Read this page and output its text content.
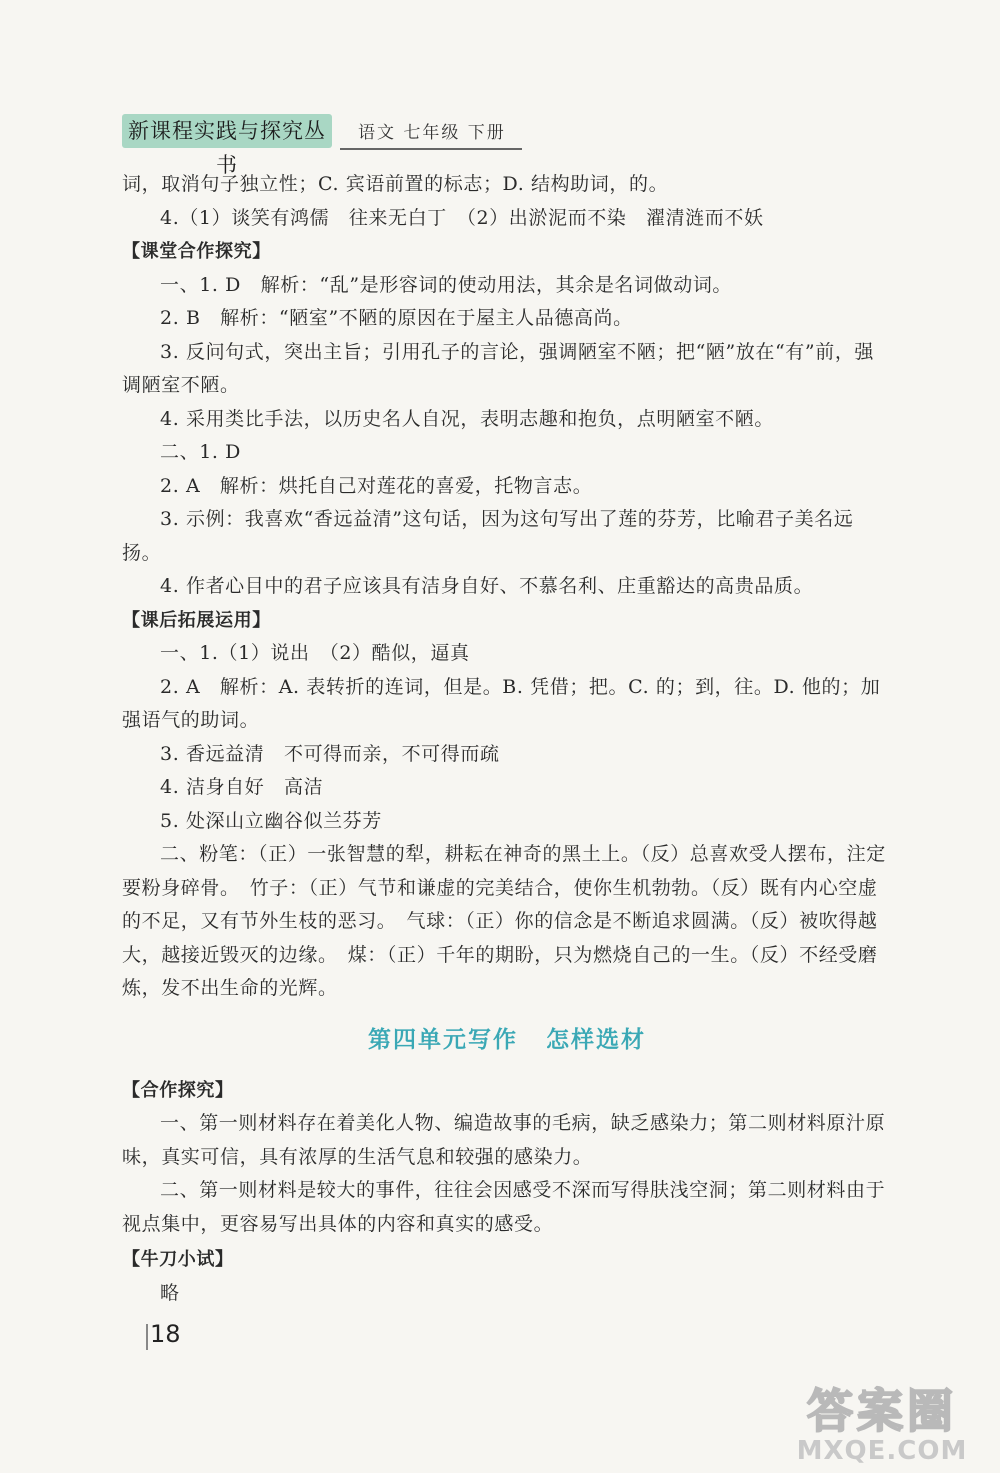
新课程实践与探究丛书
语文 七年级 下册

词，取消句子独立性；C. 宾语前置的标志；D. 结构助词，的。

4.（1）谈笑有鸿儒　往来无白丁　（2）出淤泥而不染　濯清涟而不妖

【课堂合作探究】

一、1. D　解析：“乱”是形容词的使动用法，其余是名词做动词。

2. B　解析：“陋室”不陋的原因在于屋主人品德高尚。

3. 反问句式，突出主旨；引用孔子的言论，强调陋室不陋；把“陋”放在“有”前，强调陋室不陋。

4. 采用类比手法，以历史名人自况，表明志趣和抱负，点明陋室不陋。

二、1. D

2. A　解析：烘托自己对莲花的喜爱，托物言志。

3. 示例：我喜欢“香远益清”这句话，因为这句写出了莲的芬芳，比喻君子美名远扬。

4. 作者心目中的君子应该具有洁身自好、不慕名利、庄重豁达的高贵品质。

【课后拓展运用】

一、1.（1）说出　（2）酷似，逼真

2. A　解析：A. 表转折的连词，但是。B. 凭借；把。C. 的；到，往。D. 他的；加强语气的助词。

3. 香远益清　不可得而亲，不可得而疏

4. 洁身自好　高洁

5. 处深山立幽谷似兰芬芳

二、粉笔：（正）一张智慧的犁，耕耘在神奇的黑土上。（反）总喜欢受人摆布，注定要粉身碎骨。　竹子：（正）气节和谦虚的完美结合，使你生机勃勃。（反）既有内心空虚的不足，又有节外生枝的恶习。　气球：（正）你的信念是不断追求圆满。（反）被吹得越大，越接近毁灭的边缘。　煤：（正）千年的期盼，只为燃烧自己的一生。（反）不经受磨炼，发不出生命的光辉。

第四单元写作 怎样选材

【合作探究】

一、第一则材料存在着美化人物、编造故事的毛病，缺乏感染力；第二则材料原汁原味，真实可信，具有浓厚的生活气息和较强的感染力。

二、第一则材料是较大的事件，往往会因感受不深而写得肤浅空洞；第二则材料由于视点集中，更容易写出具体的内容和真实的感受。

【牛刀小试】

略

18
答案圈
MXQE.COM
